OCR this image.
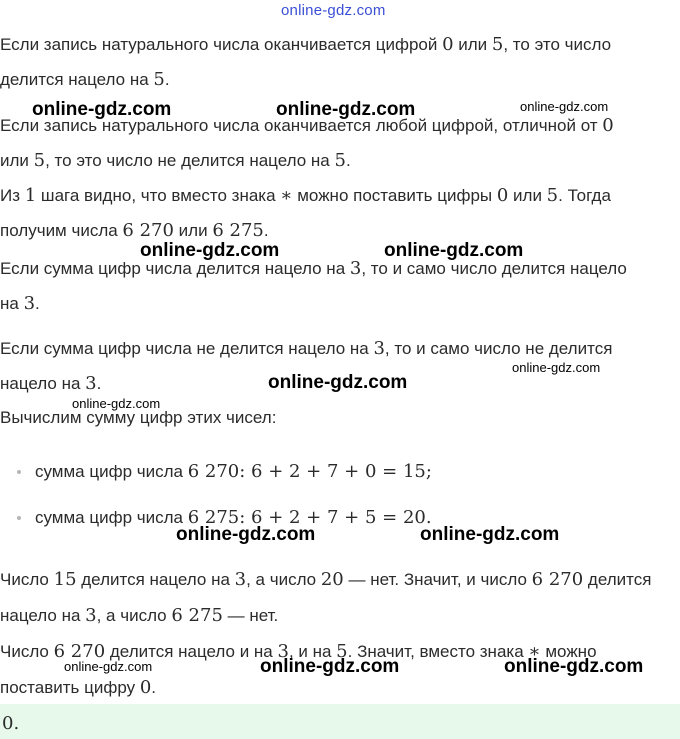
online-gdz.com
Если запись натурального числа оканчивается цифрой 0 или 5, то это число
делится нацело на 5.
Если запись натурального числа оканчивается любой цифрой, отличной от 0
или 5, то это число не делится нацело на 5.
Из 1 шага видно, что вместо знака ∗ можно поставить цифры 0 или 5. Тогда
получим числа 6 270 или 6 275.
Если сумма цифр числа делится нацело на 3, то и само число делится нацело
на 3.
Если сумма цифр числа не делится нацело на 3, то и само число не делится
нацело на 3.
Вычислим сумму цифр этих чисел:
сумма цифр числа 6 270: 6 + 2 + 7 + 0 = 15;
сумма цифр числа 6 275: 6 + 2 + 7 + 5 = 20.
Число 15 делится нацело на 3, а число 20 — нет. Значит, и число 6 270 делится
нацело на 3, а число 6 275 — нет.
Число 6 270 делится нацело и на 3, и на 5. Значит, вместо знака ∗ можно
поставить цифру 0.
0.
online-gdz.com	online-gdz.com	online-gdz.com
online-gdz.com	online-gdz.com
online-gdz.com
online-gdz.com
online-gdz.com
online-gdz.com	online-gdz.com
online-gdz.com	online-gdz.com	online-gdz.com
